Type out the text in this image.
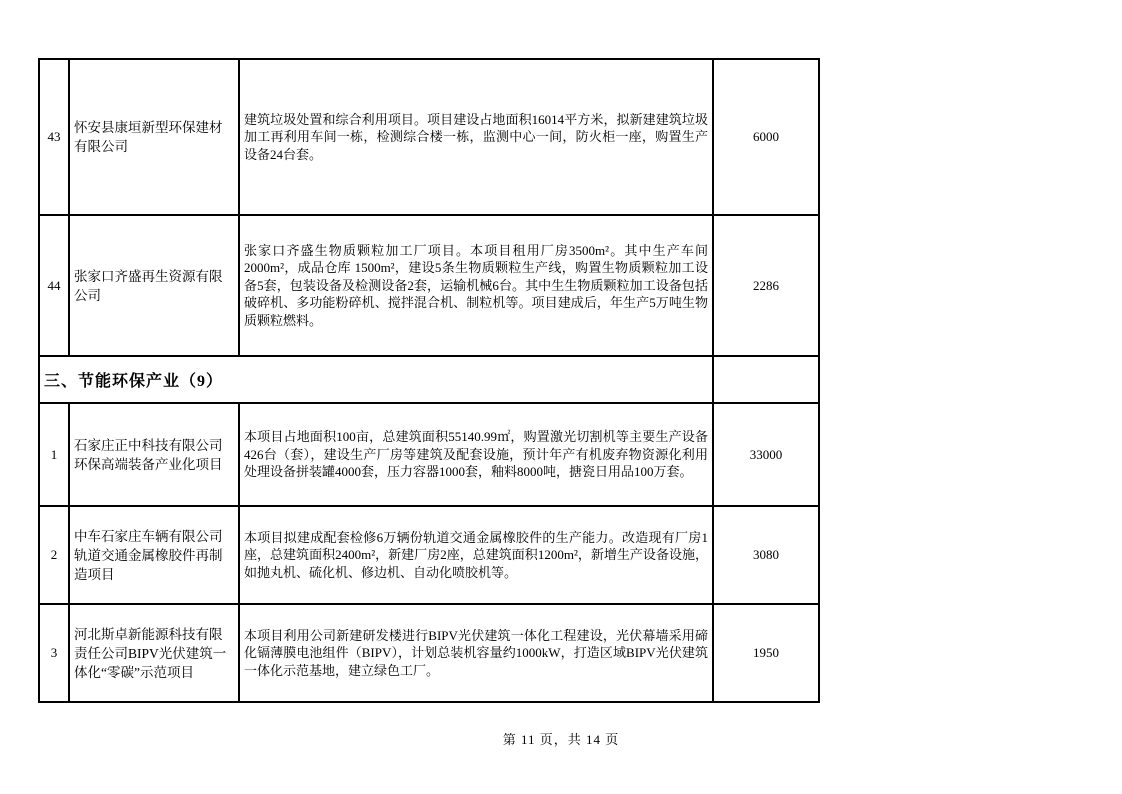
43	怀安县康垣新型环保建材有限公司	建筑垃圾处置和综合利用项目。项目建设占地面积16014平方米，拟新建建筑垃圾加工再利用车间一栋，检测综合楼一栋，监测中心一间，防火柜一座，购置生产设备24台套。	6000
44	张家口齐盛再生资源有限公司	张家口齐盛生物质颗粒加工厂项目。本项目租用厂房3500m²。其中生产车间2000m²，成品仓库 1500m²，建设5条生物质颗粒生产线，购置生物质颗粒加工设备5套，包装设备及检测设备2套，运输机械6台。其中生生物质颗粒加工设备包括破碎机、多功能粉碎机、搅拌混合机、制粒机等。项目建成后，年生产5万吨生物质颗粒燃料。	2286
三、节能环保产业（9）			
1	石家庄正中科技有限公司环保高端装备产业化项目	本项目占地面积100亩，总建筑面积55140.99㎡，购置激光切割机等主要生产设备426台（套），建设生产厂房等建筑及配套设施，预计年产有机废弃物资源化利用处理设备拼装罐4000套，压力容器1000套，釉料8000吨，搪瓷日用品100万套。	33000
2	中车石家庄车辆有限公司轨道交通金属橡胶件再制造项目	本项目拟建成配套检修6万辆份轨道交通金属橡胶件的生产能力。改造现有厂房1座，总建筑面积2400m²，新建厂房2座，总建筑面积1200m²，新增生产设备设施，如抛丸机、硫化机、修边机、自动化喷胶机等。	3080
3	河北斯卓新能源科技有限责任公司BIPV光伏建筑一体化“零碳”示范项目	本项目利用公司新建研发楼进行BIPV光伏建筑一体化工程建设，光伏幕墙采用碲化镉薄膜电池组件（BIPV），计划总装机容量约1000kW，打造区域BIPV光伏建筑一体化示范基地，建立绿色工厂。	1950
第 11 页，共 14 页
